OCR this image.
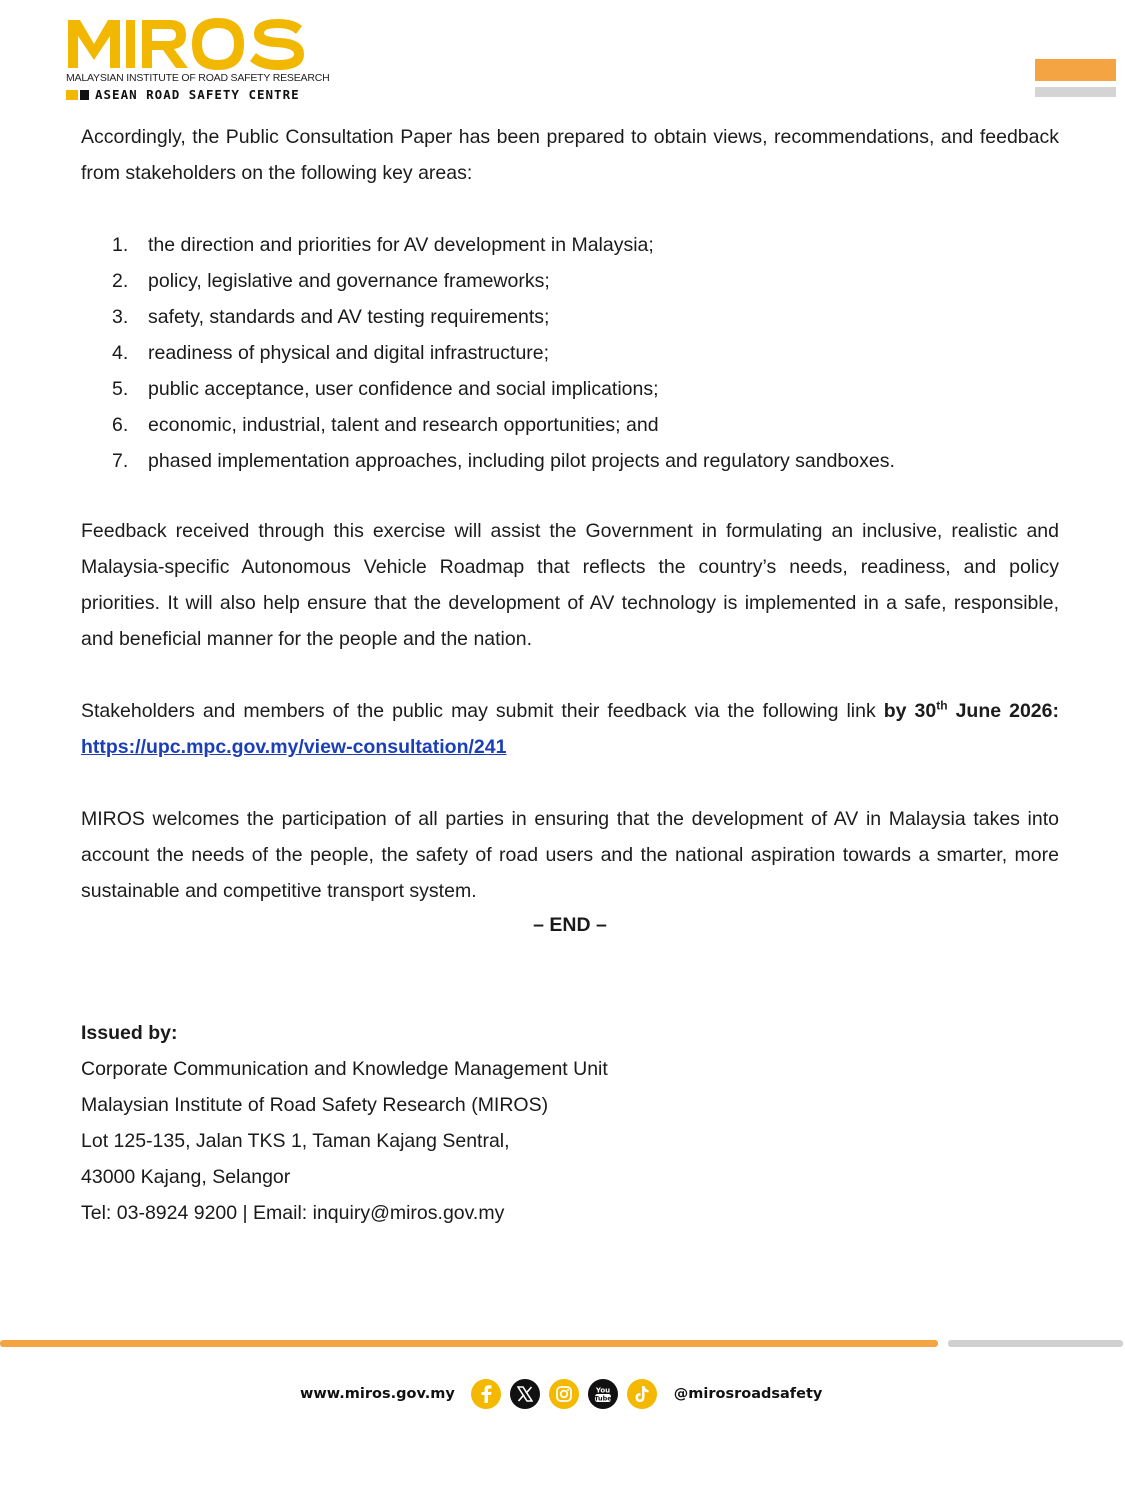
MALAYSIAN INSTITUTE OF ROAD SAFETY RESEARCH
ASEAN ROAD SAFETY CENTRE
Accordingly, the Public Consultation Paper has been prepared to obtain views, recommendations, and feedback from stakeholders on the following key areas:
1.	the direction and priorities for AV development in Malaysia;
2.	policy, legislative and governance frameworks;
3.	safety, standards and AV testing requirements;
4.	readiness of physical and digital infrastructure;
5.	public acceptance, user confidence and social implications;
6.	economic, industrial, talent and research opportunities; and
7.	phased implementation approaches, including pilot projects and regulatory sandboxes.
Feedback received through this exercise will assist the Government in formulating an inclusive, realistic and Malaysia-specific Autonomous Vehicle Roadmap that reflects the country’s needs, readiness, and policy priorities. It will also help ensure that the development of AV technology is implemented in a safe, responsible, and beneficial manner for the people and the nation.
Stakeholders and members of the public may submit their feedback via the following link by 30th June 2026:
https://upc.mpc.gov.my/view-consultation/241
MIROS welcomes the participation of all parties in ensuring that the development of AV in Malaysia takes into account the needs of the people, the safety of road users and the national aspiration towards a smarter, more sustainable and competitive transport system.
– END –
Issued by:
Corporate Communication and Knowledge Management Unit
Malaysian Institute of Road Safety Research (MIROS)
Lot 125-135, Jalan TKS 1, Taman Kajang Sentral,
43000 Kajang, Selangor
Tel: 03-8924 9200 | Email: inquiry@miros.gov.my
www.miros.gov.my	You
Tube	@mirosroadsafety
